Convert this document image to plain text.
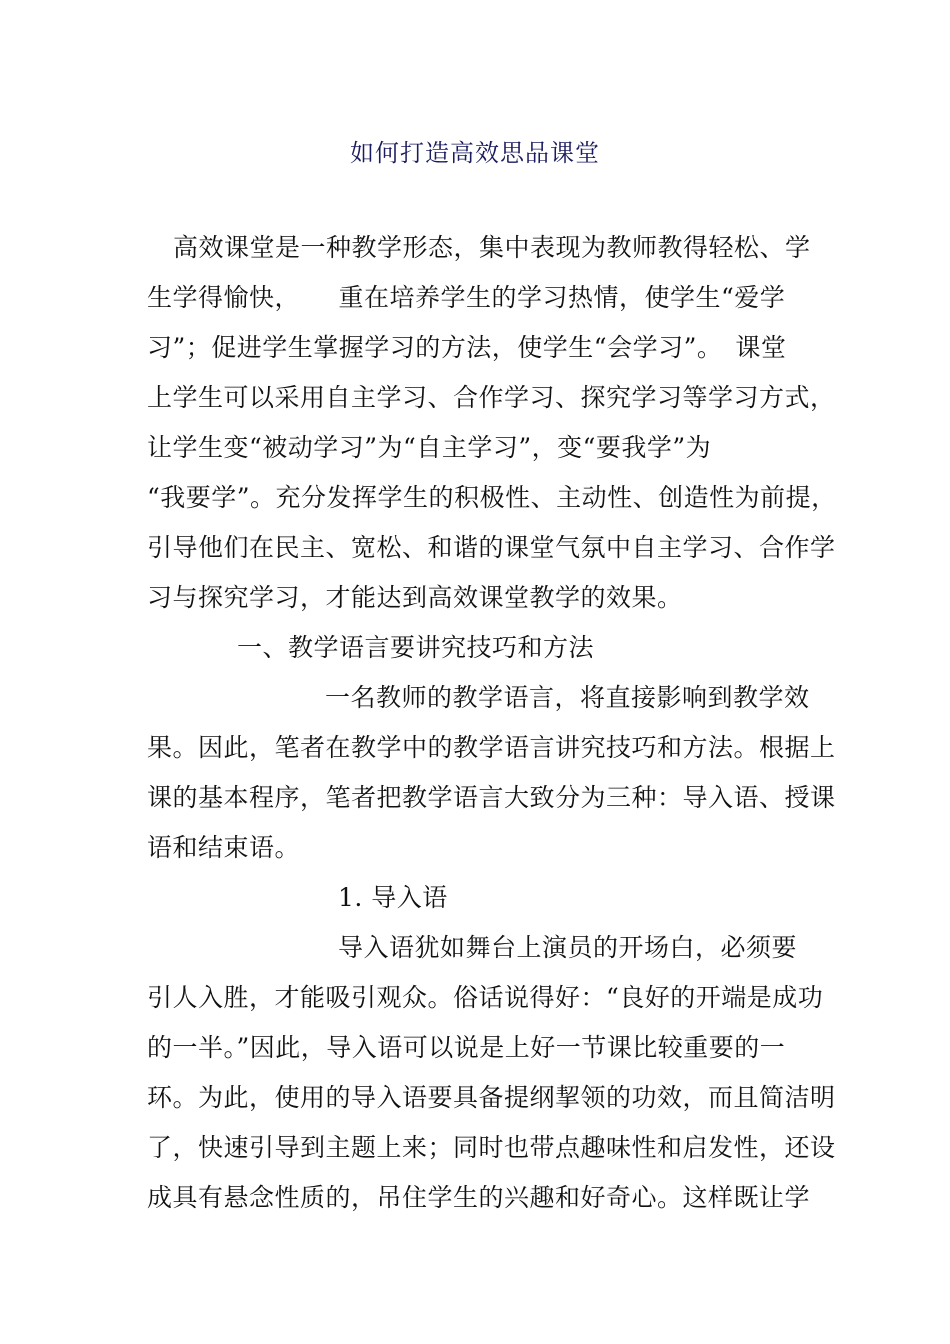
如何打造高效思品课堂
高效课堂是一种教学形态，集中表现为教师教得轻松、学
生学得愉快，　　重在培养学生的学习热情，使学生“爱学
习”；促进学生掌握学习的方法，使学生“会学习”。　课堂
上学生可以采用自主学习、合作学习、探究学习等学习方式，
让学生变“被动学习”为“自主学习”，变“要我学”为
“我要学”。充分发挥学生的积极性、主动性、创造性为前提，
引导他们在民主、宽松、和谐的课堂气氛中自主学习、合作学
习与探究学习，才能达到高效课堂教学的效果。
一、教学语言要讲究技巧和方法
一名教师的教学语言，将直接影响到教学效
果。因此，笔者在教学中的教学语言讲究技巧和方法。根据上
课的基本程序，笔者把教学语言大致分为三种：导入语、授课
语和结束语。
1. 导入语
导入语犹如舞台上演员的开场白，必须要
引人入胜，才能吸引观众。俗话说得好：“良好的开端是成功
的一半。”因此，导入语可以说是上好一节课比较重要的一
环。为此，使用的导入语要具备提纲挈领的功效，而且简洁明
了，快速引导到主题上来；同时也带点趣味性和启发性，还设
成具有悬念性质的，吊住学生的兴趣和好奇心。这样既让学
